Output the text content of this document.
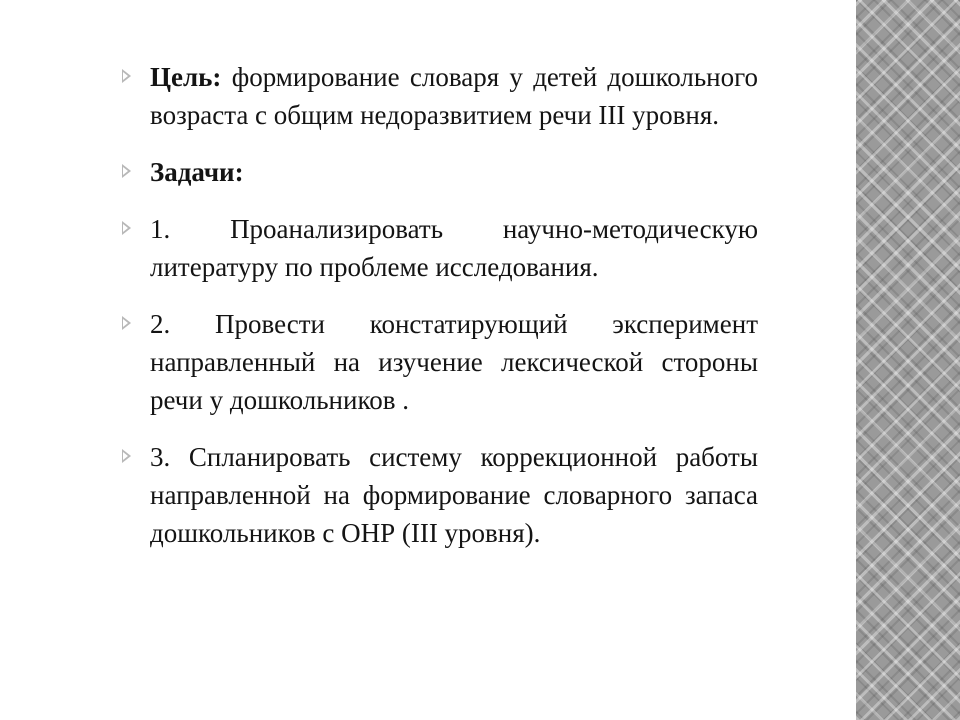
Цель: формирование словаря у детей дошкольного возраста с общим недоразвитием речи III уровня.
Задачи:
1. Проанализировать научно-методическую литературу по проблеме исследования.
2. Провести констатирующий эксперимент направленный на изучение лексической стороны речи у дошкольников .
3. Спланировать систему коррекционной работы направленной на формирование словарного запаса дошкольников с ОНР (III уровня).
